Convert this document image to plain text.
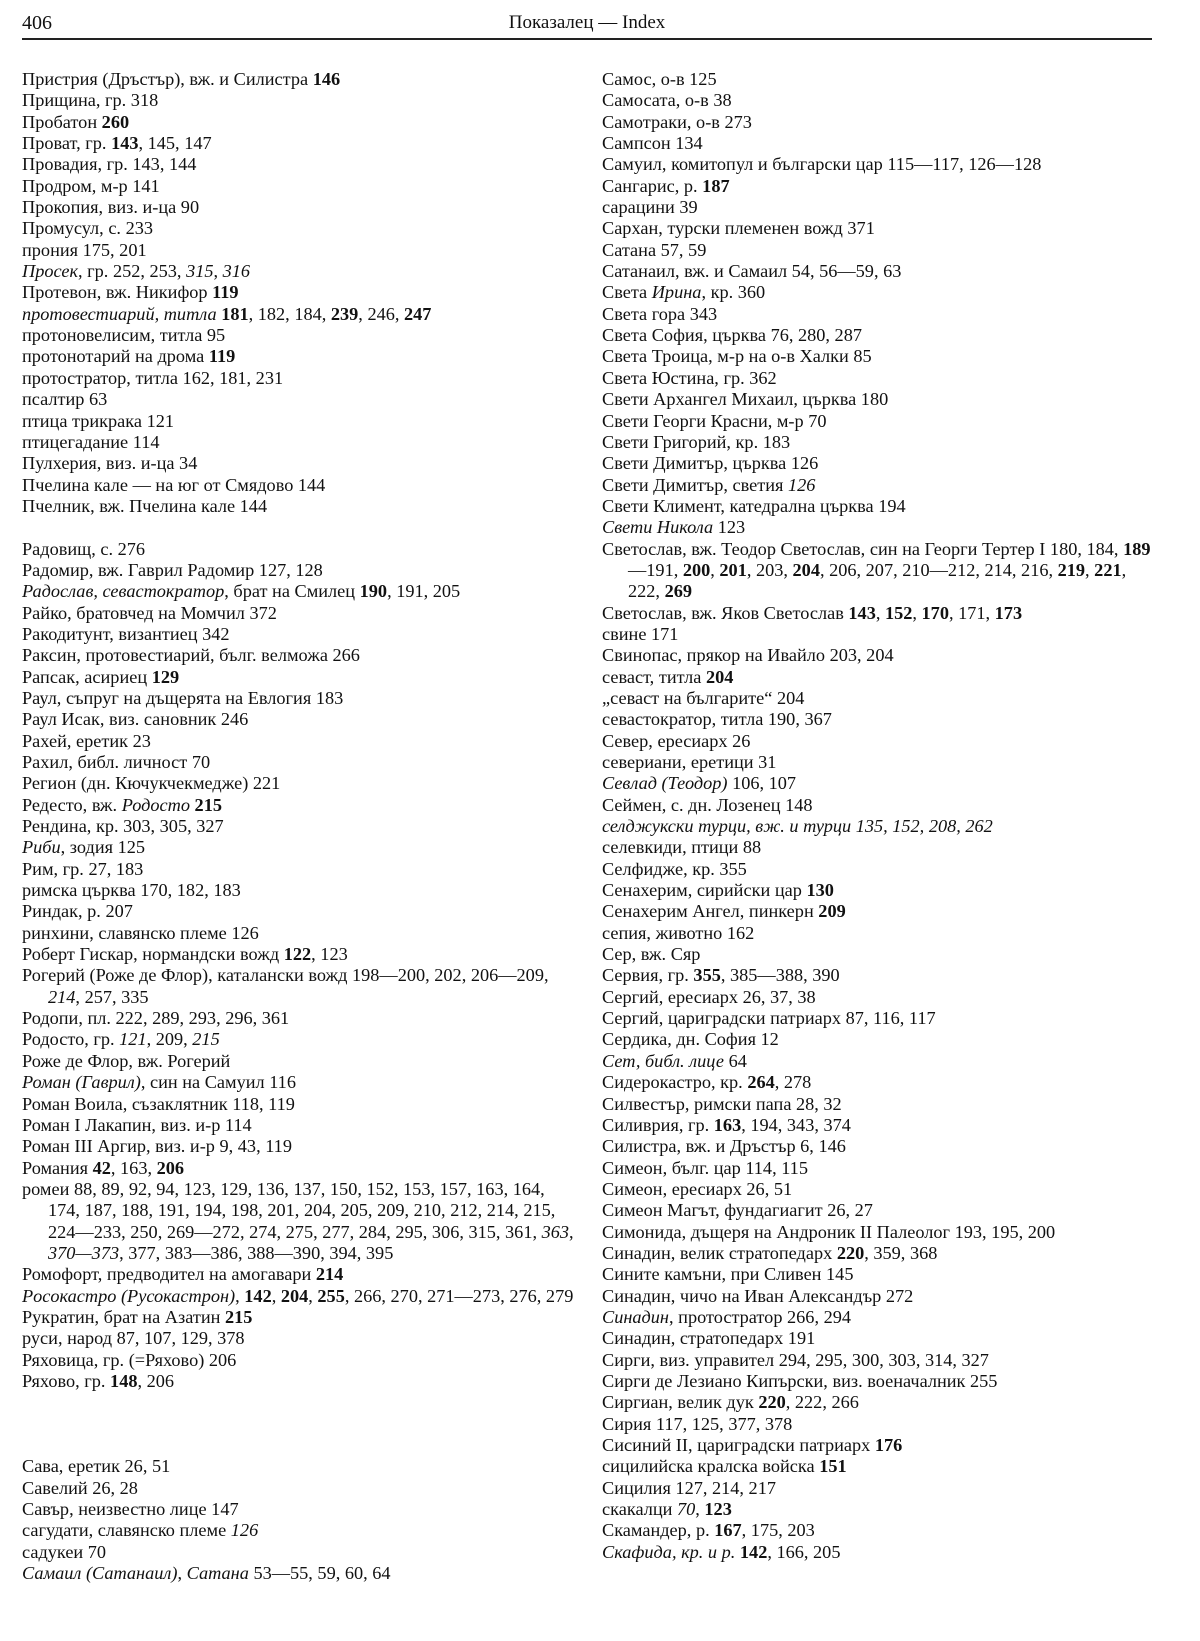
406	Показалец — Index
Пристрия (Дръстър), вж. и Силистра 146
Прищина, гр. 318
Пробатон 260
Прoват, гр. 143, 145, 147
Провадия, гр. 143, 144
Продром, м-р 141
Прокопия, виз. и-ца 90
Промусул, с. 233
прония 175, 201
Просек, гр. 252, 253, 315, 316
Протевон, вж. Никифор 119
протовестиарий, титла 181, 182, 184, 239, 246, 247
протоновелисим, титла 95
протонотарий на дрома 119
протостратор, титла 162, 181, 231
псалтир 63
птица трикрака 121
птицегадание 114
Пулхерия, виз. и-ца 34
Пчелина кале — на юг от Смядово 144
Пчелник, вж. Пчелина кале 144
Радовищ, с. 276
Радомир, вж. Гаврил Радомир 127, 128
Радослав, севастократор, брат на Смилец 190, 191, 205
Райко, братовчед на Момчил 372
Ракодитунт, византиец 342
Раксин, протовестиарий, бълг. велможа 266
Рапсак, асириец 129
Раул, съпруг на дъщерята на Евлогия 183
Раул Исак, виз. сановник 246
Рахей, еретик 23
Рахил, библ. личност 70
Регион (дн. Кючукчекмедже) 221
Редесто, вж. Родосто 215
Рендина, кр. 303, 305, 327
Риби, зодия 125
Рим, гр. 27, 183
римска църква 170, 182, 183
Риндак, р. 207
ринхини, славянско племе 126
Роберт Гискар, нормандски вожд 122, 123
Рогерий (Роже де Флор), каталански вожд 198—200, 202, 206—209, 214, 257, 335
Родопи, пл. 222, 289, 293, 296, 361
Родосто, гр. 121, 209, 215
Роже де Флор, вж. Рогерий
Роман (Гаврил), син на Самуил 116
Роман Воила, съзаклятник 118, 119
Роман I Лакапин, виз. и-р 114
Роман III Аргир, виз. и-р 9, 43, 119
Романия 42, 163, 206
ромеи 88, 89, 92, 94, 123, 129, 136, 137, 150, 152, 153, 157, 163, 164, 174, 187, 188, 191, 194, 198, 201, 204, 205, 209, 210, 212, 214, 215, 224—233, 250, 269—272, 274, 275, 277, 284, 295, 306, 315, 361, 363, 370—373, 377, 383—386, 388—390, 394, 395
Ромофорт, предводител на амогавари 214
Pocoкастро (Русокастрон), 142, 204, 255, 266, 270, 271—273, 276, 279
Рукратин, брат на Азатин 215
руси, народ 87, 107, 129, 378
Ряховица, гр. (=Ряхово) 206
Ряхово, гр. 148, 206
Сава, еретик 26, 51
Савелий 26, 28
Савър, неизвестно лице 147
сагудати, славянско племе 126
садукеи 70
Самаил (Сатанаил), Сатана 53—55, 59, 60, 64
Самос, о-в 125
Самосата, о-в 38
Самотраки, о-в 273
Сампсон 134
Самуил, комитопул и български цар 115—117, 126—128
Сангарис, р. 187
сарацини 39
Сархан, турски племенен вожд 371
Сатана 57, 59
Сатанаил, вж. и Самаил 54, 56—59, 63
Света Ирина, кр. 360
Света гора 343
Света София, църква 76, 280, 287
Света Троица, м-р на о-в Халки 85
Света Юстина, гр. 362
Свети Архангел Михаил, църква 180
Свети Георги Красни, м-р 70
Свети Григорий, кр. 183
Свети Димитър, църква 126
Свети Димитър, светия 126
Свети Климент, катедрална църква 194
Свети Никола 123
Светослав, вж. Теодор Светослав, син на Георги Тертер I 180, 184, 189—191, 200, 201, 203, 204, 206, 207, 210—212, 214, 216, 219, 221, 222, 269
Светослав, вж. Яков Светослав 143, 152, 170, 171, 173
свине 171
Свинопас, прякор на Ивайло 203, 204
севаст, титла 204
„севаст на българите“ 204
севастократор, титла 190, 367
Север, ересиарх 26
севериани, еретици 31
Севлад (Теодор) 106, 107
Сеймен, с. дн. Лозенец 148
селджукски турци, вж. и турци 135, 152, 208, 262
селевкиди, птици 88
Селфидже, кр. 355
Сенахерим, сирийски цар 130
Сенахерим Ангел, пинкерн 209
сепия, животно 162
Сер, вж. Сяр
Сервия, гр. 355, 385—388, 390
Сергий, ересиарх 26, 37, 38
Сергий, цариградски патриарх 87, 116, 117
Сердика, дн. София 12
Сет, библ. лице 64
Сидерокастро, кр. 264, 278
Силвестър, римски папа 28, 32
Силиврия, гр. 163, 194, 343, 374
Силистра, вж. и Дръстър 6, 146
Симеон, бълг. цар 114, 115
Симеон, ересиарх 26, 51
Симеон Магът, фундагиагит 26, 27
Симонида, дъщеря на Андроник II Палеолог 193, 195, 200
Синадин, велик стратопедарх 220, 359, 368
Сините камъни, при Сливен 145
Синадин, чичо на Иван Александър 272
Синадин, протостратор 266, 294
Синадин, стратопедарх 191
Сирги, виз. управител 294, 295, 300, 303, 314, 327
Сирги де Лезиано Кипърски, виз. военачалник 255
Сиргиан, велик дук 220, 222, 266
Сирия 117, 125, 377, 378
Сисиний II, цариградски патриарх 176
сицилийска кралска войска 151
Сицилия 127, 214, 217
скакалци 70, 123
Скамандер, р. 167, 175, 203
Скафида, кр. и р. 142, 166, 205
